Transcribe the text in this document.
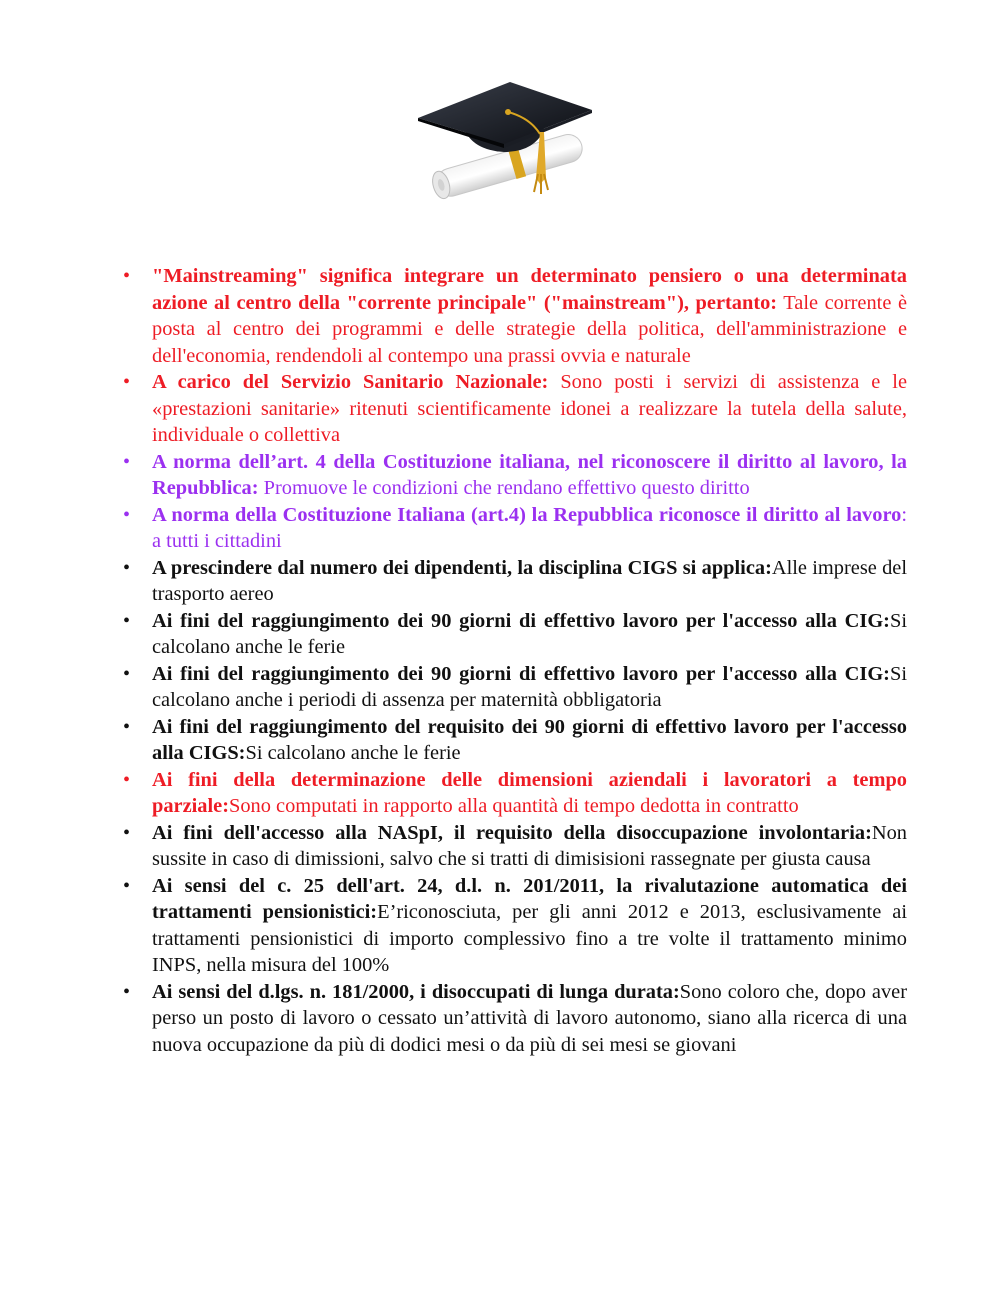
• "Mainstreaming" significa integrare un determinato pensiero o una determinata azione al centro della "corrente principale" ("mainstream"), pertanto: Tale corrente è posta al centro dei programmi e delle strategie della politica, dell'amministrazione e dell'economia, rendendoli al contempo una prassi ovvia e naturale
• A carico del Servizio Sanitario Nazionale: Sono posti i servizi di assistenza e le «prestazioni sanitarie» ritenuti scientificamente idonei a realizzare la tutela della salute, individuale o collettiva
• A norma dell’art. 4 della Costituzione italiana, nel riconoscere il diritto al lavoro, la Repubblica: Promuove le condizioni che rendano effettivo questo diritto
• A norma della Costituzione Italiana (art.4) la Repubblica riconosce il diritto al lavoro: a tutti i cittadini
• A prescindere dal numero dei dipendenti, la disciplina CIGS si applica:Alle imprese del trasporto aereo
• Ai fini del raggiungimento dei 90 giorni di effettivo lavoro per l'accesso alla CIG:Si calcolano anche le ferie
• Ai fini del raggiungimento dei 90 giorni di effettivo lavoro per l'accesso alla CIG:Si calcolano anche i periodi di assenza per maternità obbligatoria
• Ai fini del raggiungimento del requisito dei 90 giorni di effettivo lavoro per l'accesso alla CIGS:Si calcolano anche le ferie
• Ai fini della determinazione delle dimensioni aziendali i lavoratori a tempo parziale:Sono computati in rapporto alla quantità di tempo dedotta in contratto
• Ai fini dell'accesso alla NASpI, il requisito della disoccupazione involontaria:Non sussite in caso di dimissioni, salvo che si tratti di dimisisioni rassegnate per giusta causa
• Ai sensi del c. 25 dell'art. 24, d.l. n. 201/2011, la rivalutazione automatica dei trattamenti pensionistici:E’riconosciuta, per gli anni 2012 e 2013, esclusivamente ai trattamenti pensionistici di importo complessivo fino a tre volte il trattamento minimo INPS, nella misura del 100%
• Ai sensi del d.lgs. n. 181/2000, i disoccupati di lunga durata:Sono coloro che, dopo aver perso un posto di lavoro o cessato un’attività di lavoro autonomo, siano alla ricerca di una nuova occupazione da più di dodici mesi o da più di sei mesi se giovani
